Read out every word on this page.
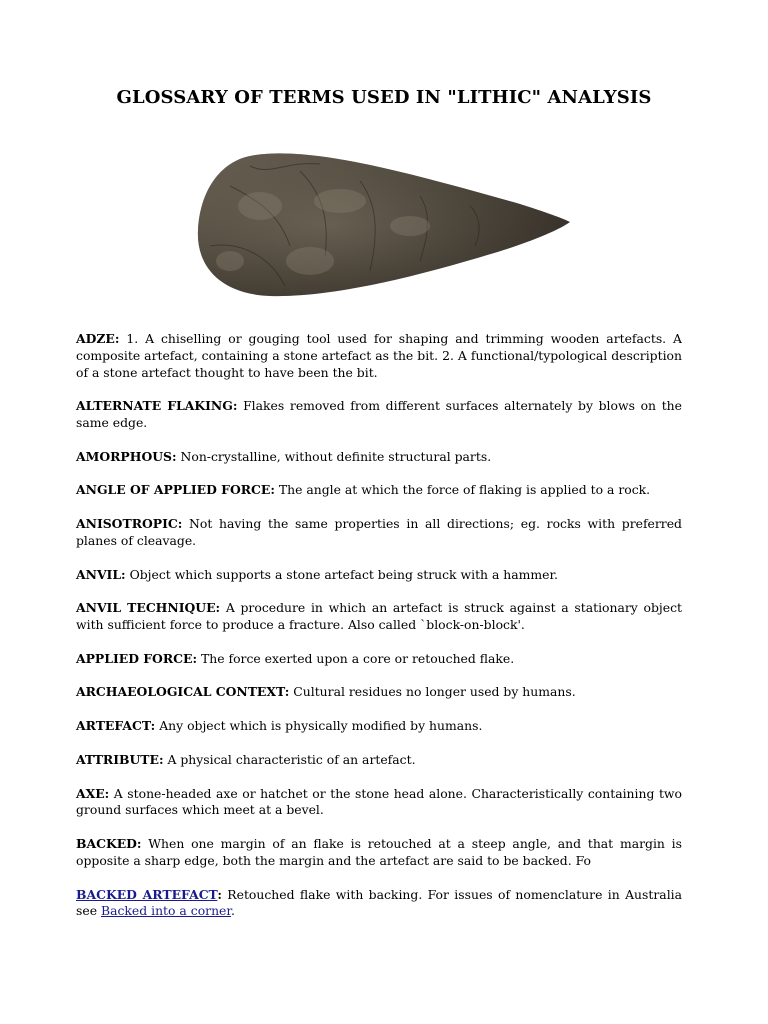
GLOSSARY OF TERMS USED IN "LITHIC" ANALYSIS

ADZE: 1. A chiselling or gouging tool used for shaping and trimming wooden artefacts. A composite artefact, containing a stone artefact as the bit. 2. A functional/typological description of a stone artefact thought to have been the bit.

ALTERNATE FLAKING: Flakes removed from different surfaces alternately by blows on the same edge.

AMORPHOUS: Non-crystalline, without definite structural parts.

ANGLE OF APPLIED FORCE: The angle at which the force of flaking is applied to a rock.

ANISOTROPIC: Not having the same properties in all directions; eg. rocks with preferred planes of cleavage.

ANVIL: Object which supports a stone artefact being struck with a hammer.

ANVIL TECHNIQUE: A procedure in which an artefact is struck against a stationary object with sufficient force to produce a fracture. Also called `block-on-block'.

APPLIED FORCE: The force exerted upon a core or retouched flake.

ARCHAEOLOGICAL CONTEXT: Cultural residues no longer used by humans.

ARTEFACT: Any object which is physically modified by humans.

ATTRIBUTE: A physical characteristic of an artefact.

AXE: A stone-headed axe or hatchet or the stone head alone. Characteristically containing two ground surfaces which meet at a bevel.

BACKED: When one margin of an flake is retouched at a steep angle, and that margin is opposite a sharp edge, both the margin and the artefact are said to be backed. Fo

BACKED ARTEFACT: Retouched flake with backing. For issues of nomenclature in Australia see Backed into a corner.
